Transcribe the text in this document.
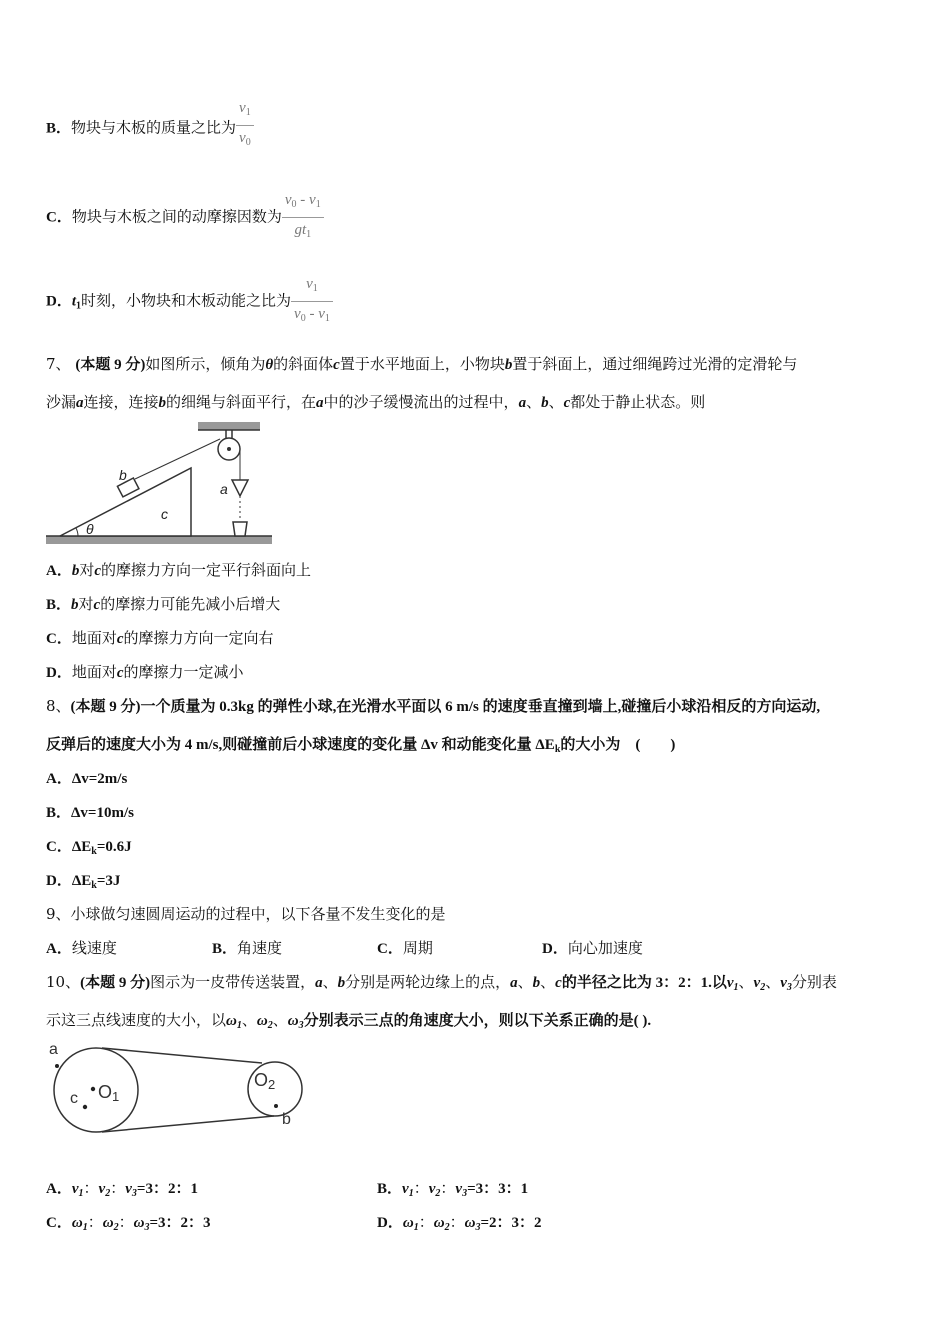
B．物块与木板的质量之比为 $\frac{v_1}{v_0}$
C．物块与木板之间的动摩擦因数为 $\frac{v_0 - v_1}{gt_1}$
D．$t_1$时刻，小物块和木板动能之比为 $\frac{v_1}{v_0 - v_1}$
7、 (本题 9 分)如图所示，倾角为θ的斜面体c置于水平地面上，小物块b置于斜面上，通过细绳跨过光滑的定滑轮与
沙漏a连接，连接b的细绳与斜面平行，在a中的沙子缓慢流出的过程中，a、b、c都处于静止状态。则
b
a
c
θ
A．b对c的摩擦力方向一定平行斜面向上
B．b对c的摩擦力可能先减小后增大
C．地面对c的摩擦力方向一定向右
D．地面对c的摩擦力一定减小
8、(本题 9 分)一个质量为 0.3kg 的弹性小球,在光滑水平面以 6 m/s 的速度垂直撞到墙上,碰撞后小球沿相反的方向运动,
反弹后的速度大小为 4 m/s,则碰撞前后小球速度的变化量 Δv 和动能变化量 $\Delta E_k$的大小为　(　　)
A．Δv=2m/s
B．Δv=10m/s
C．$\Delta E_k=0.6J$
D．$\Delta E_k=3J$
9、小球做匀速圆周运动的过程中，以下各量不发生变化的是
A．线速度	B．角速度	C．周期	D．向心加速度
10、(本题 9 分)图示为一皮带传送装置，a、b分别是两轮边缘上的点，a、b、c的半径之比为 3：2：1.以$v_1$、$v_2$、$v_3$分别表
示这三点线速度的大小，以$\omega_1$、$\omega_2$、$\omega_3$分别表示三点的角速度大小，则以下关系正确的是( ).
a
c O1
O2
b
A．$v_1$：$v_2$：$v_3=3$：2：1	B．$v_1$：$v_2$：$v_3=3$：3：1
C．$\omega_1$：$\omega_2$：$\omega_3=3$：2：3	D．$\omega_1$：$\omega_2$：$\omega_3=2$：3：2
